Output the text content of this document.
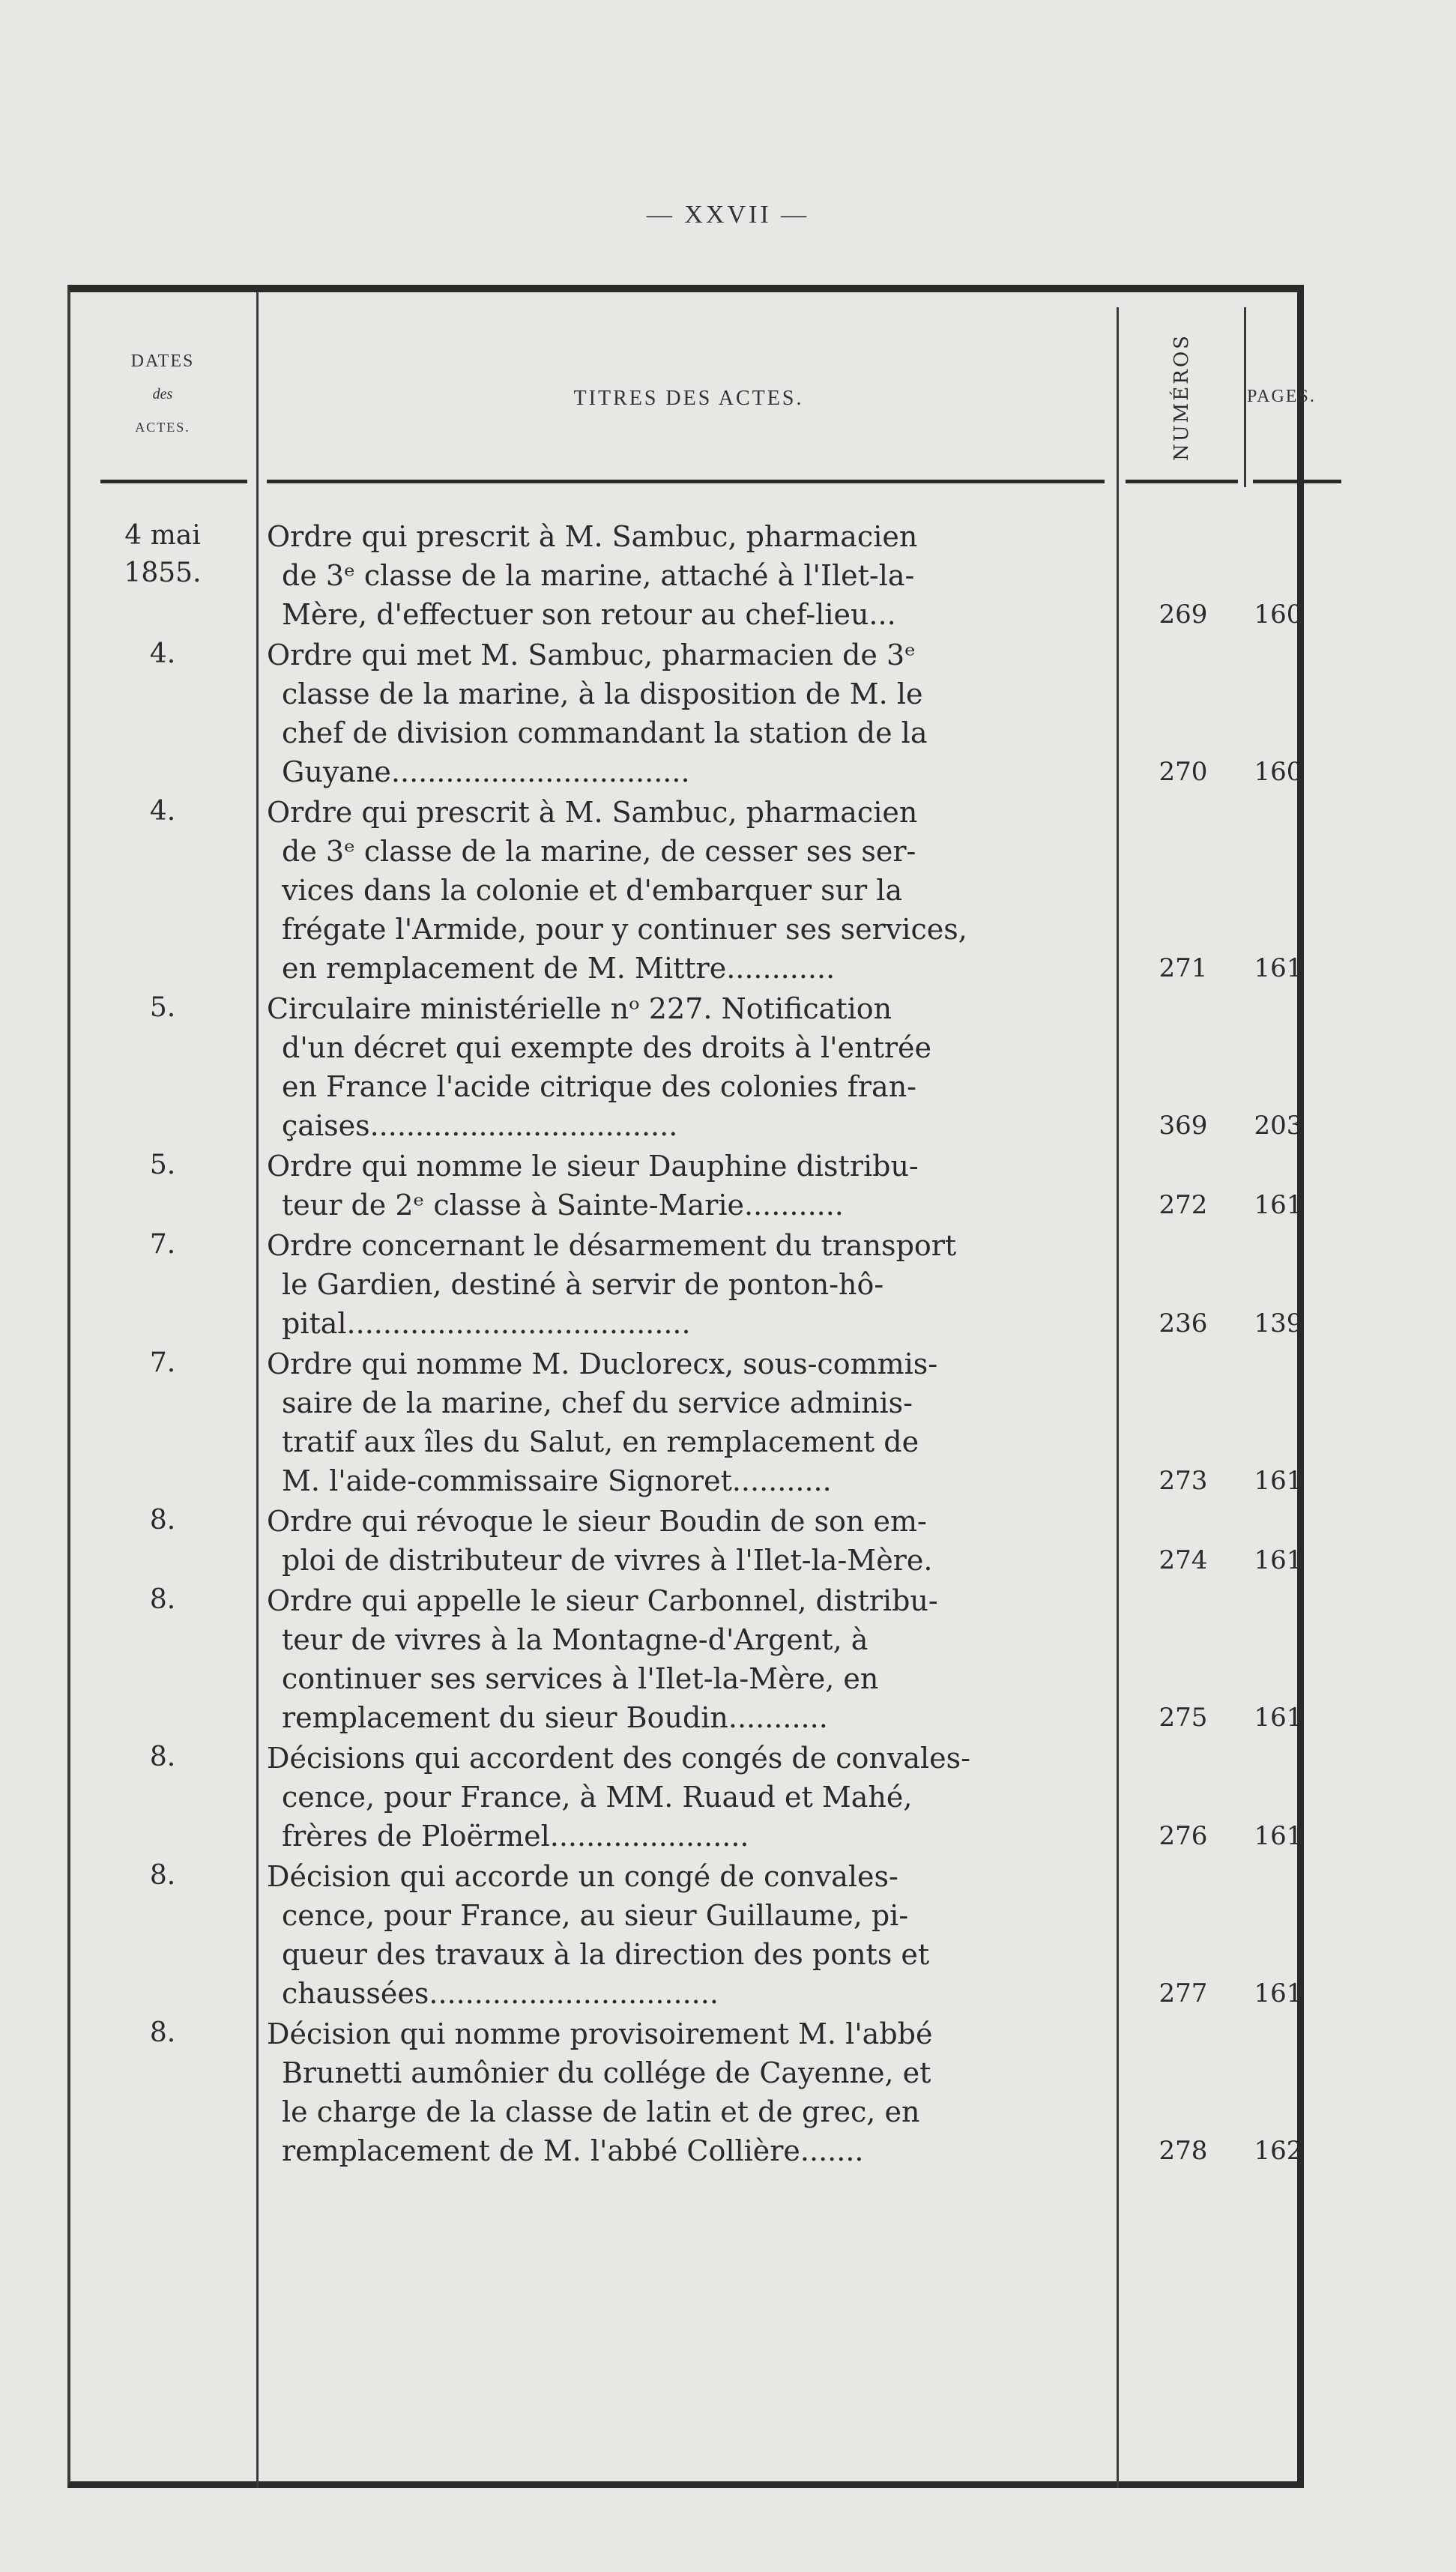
— XXVII —
DATES
des
ACTES.
TITRES DES ACTES.	NUMÉROS	PAGES.
4 mai
1855.
Ordre qui prescrit à M. Sambuc, pharmacien
de 3ᵉ classe de la marine, attaché à l'Ilet-la-
Mère, d'effectuer son retour au chef-lieu...	269	160
4.	Ordre qui met M. Sambuc, pharmacien de 3ᵉ
classe de la marine, à la disposition de M. le
chef de division commandant la station de la
Guyane.................................	270	160
4.	Ordre qui prescrit à M. Sambuc, pharmacien
de 3ᵉ classe de la marine, de cesser ses ser-
vices dans la colonie et d'embarquer sur la
frégate l'Armide, pour y continuer ses services,
en remplacement de M. Mittre............	271	161
5.	Circulaire ministérielle nᵒ 227. Notification
d'un décret qui exempte des droits à l'entrée
en France l'acide citrique des colonies fran-
çaises..................................	369	203
5.	Ordre qui nomme le sieur Dauphine distribu-
teur de 2ᵉ classe à Sainte-Marie...........	272	161
7.	Ordre concernant le désarmement du transport
le Gardien, destiné à servir de ponton-hô-
pital......................................	236	139
7.	Ordre qui nomme M. Duclorecx, sous-commis-
saire de la marine, chef du service adminis-
tratif aux îles du Salut, en remplacement de
M. l'aide-commissaire Signoret...........	273	161
8.	Ordre qui révoque le sieur Boudin de son em-
ploi de distributeur de vivres à l'Ilet-la-Mère.	274	161
8.	Ordre qui appelle le sieur Carbonnel, distribu-
teur de vivres à la Montagne-d'Argent, à
continuer ses services à l'Ilet-la-Mère, en
remplacement du sieur Boudin...........	275	161
8.	Décisions qui accordent des congés de convales-
cence, pour France, à MM. Ruaud et Mahé,
frères de Ploërmel......................	276	161
8.	Décision qui accorde un congé de convales-
cence, pour France, au sieur Guillaume, pi-
queur des travaux à la direction des ponts et
chaussées................................	277	161
8.	Décision qui nomme provisoirement M. l'abbé
Brunetti aumônier du collége de Cayenne, et
le charge de la classe de latin et de grec, en
remplacement de M. l'abbé Collière.......	278	162
